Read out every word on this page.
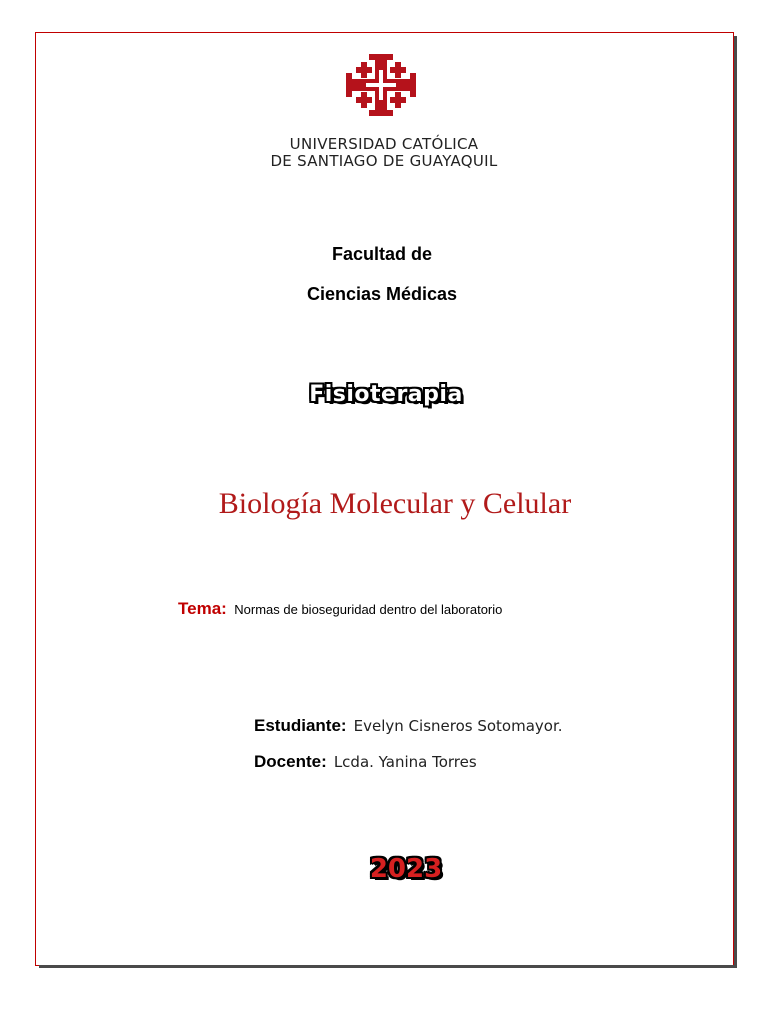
UNIVERSIDAD CATÓLICA
DE SANTIAGO DE GUAYAQUIL
Facultad de
Ciencias Médicas
Fisioterapia
Biología Molecular y Celular
Tema: Normas de bioseguridad dentro del laboratorio
Estudiante: Evelyn Cisneros Sotomayor.
Docente: Lcda. Yanina Torres
2023
